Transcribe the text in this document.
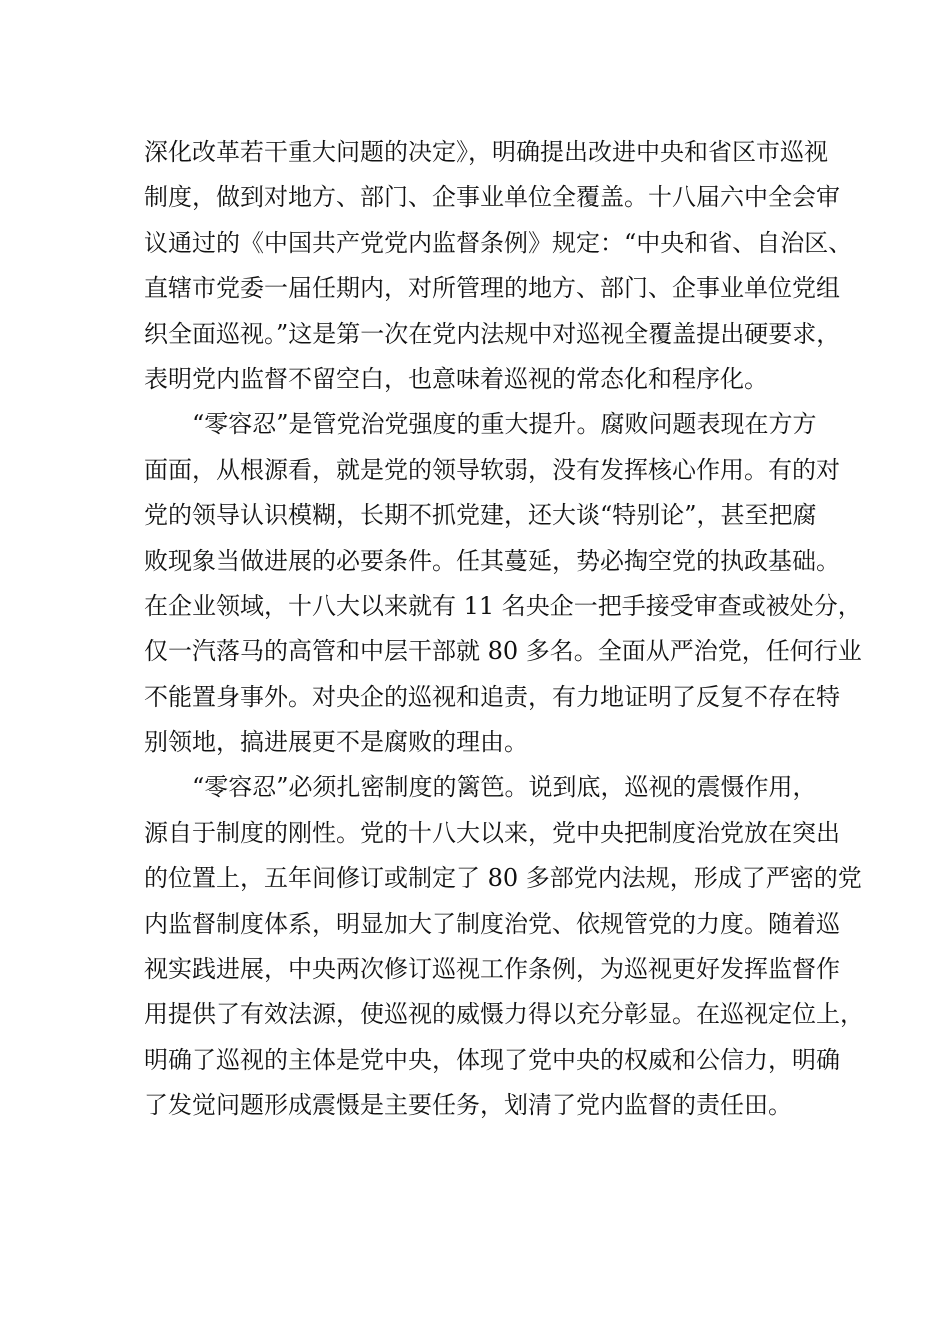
深化改革若干重大问题的决定》，明确提出改进中央和省区市巡视
制度，做到对地方、部门、企事业单位全覆盖。十八届六中全会审
议通过的《中国共产党党内监督条例》规定：“中央和省、自治区、
直辖市党委一届任期内，对所管理的地方、部门、企事业单位党组
织全面巡视。”这是第一次在党内法规中对巡视全覆盖提出硬要求，
表明党内监督不留空白，也意味着巡视的常态化和程序化。
“零容忍”是管党治党强度的重大提升。腐败问题表现在方方
面面，从根源看，就是党的领导软弱，没有发挥核心作用。有的对
党的领导认识模糊，长期不抓党建，还大谈“特别论”，甚至把腐
败现象当做进展的必要条件。任其蔓延，势必掏空党的执政基础。
在企业领域，十八大以来就有 11 名央企一把手接受审查或被处分，
仅一汽落马的高管和中层干部就 80 多名。全面从严治党，任何行业
不能置身事外。对央企的巡视和追责，有力地证明了反复不存在特
别领地，搞进展更不是腐败的理由。
“零容忍”必须扎密制度的篱笆。说到底，巡视的震慑作用，
源自于制度的刚性。党的十八大以来，党中央把制度治党放在突出
的位置上，五年间修订或制定了 80 多部党内法规，形成了严密的党
内监督制度体系，明显加大了制度治党、依规管党的力度。随着巡
视实践进展，中央两次修订巡视工作条例，为巡视更好发挥监督作
用提供了有效法源，使巡视的威慑力得以充分彰显。在巡视定位上，
明确了巡视的主体是党中央，体现了党中央的权威和公信力，明确
了发觉问题形成震慑是主要任务，划清了党内监督的责任田。
